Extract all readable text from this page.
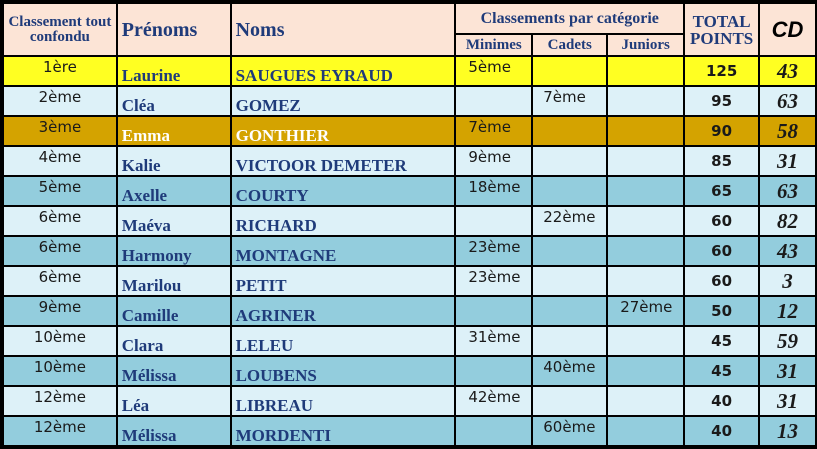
Classement tout confondu	Prénoms	Noms	Classements par catégorie			TOTAL POINTS	CD
			Minimes	Cadets	Juniors		
1ère	Laurine	SAUGUES EYRAUD	5ème			125	43
2ème	Cléa	GOMEZ		7ème		95	63
3ème	Emma	GONTHIER	7ème			90	58
4ème	Kalie	VICTOOR DEMETER	9ème			85	31
5ème	Axelle	COURTY	18ème			65	63
6ème	Maéva	RICHARD		22ème		60	82
6ème	Harmony	MONTAGNE	23ème			60	43
6ème	Marilou	PETIT	23ème			60	3
9ème	Camille	AGRINER			27ème	50	12
10ème	Clara	LELEU	31ème			45	59
10ème	Mélissa	LOUBENS		40ème		45	31
12ème	Léa	LIBREAU	42ème			40	31
12ème	Mélissa	MORDENTI		60ème		40	13
